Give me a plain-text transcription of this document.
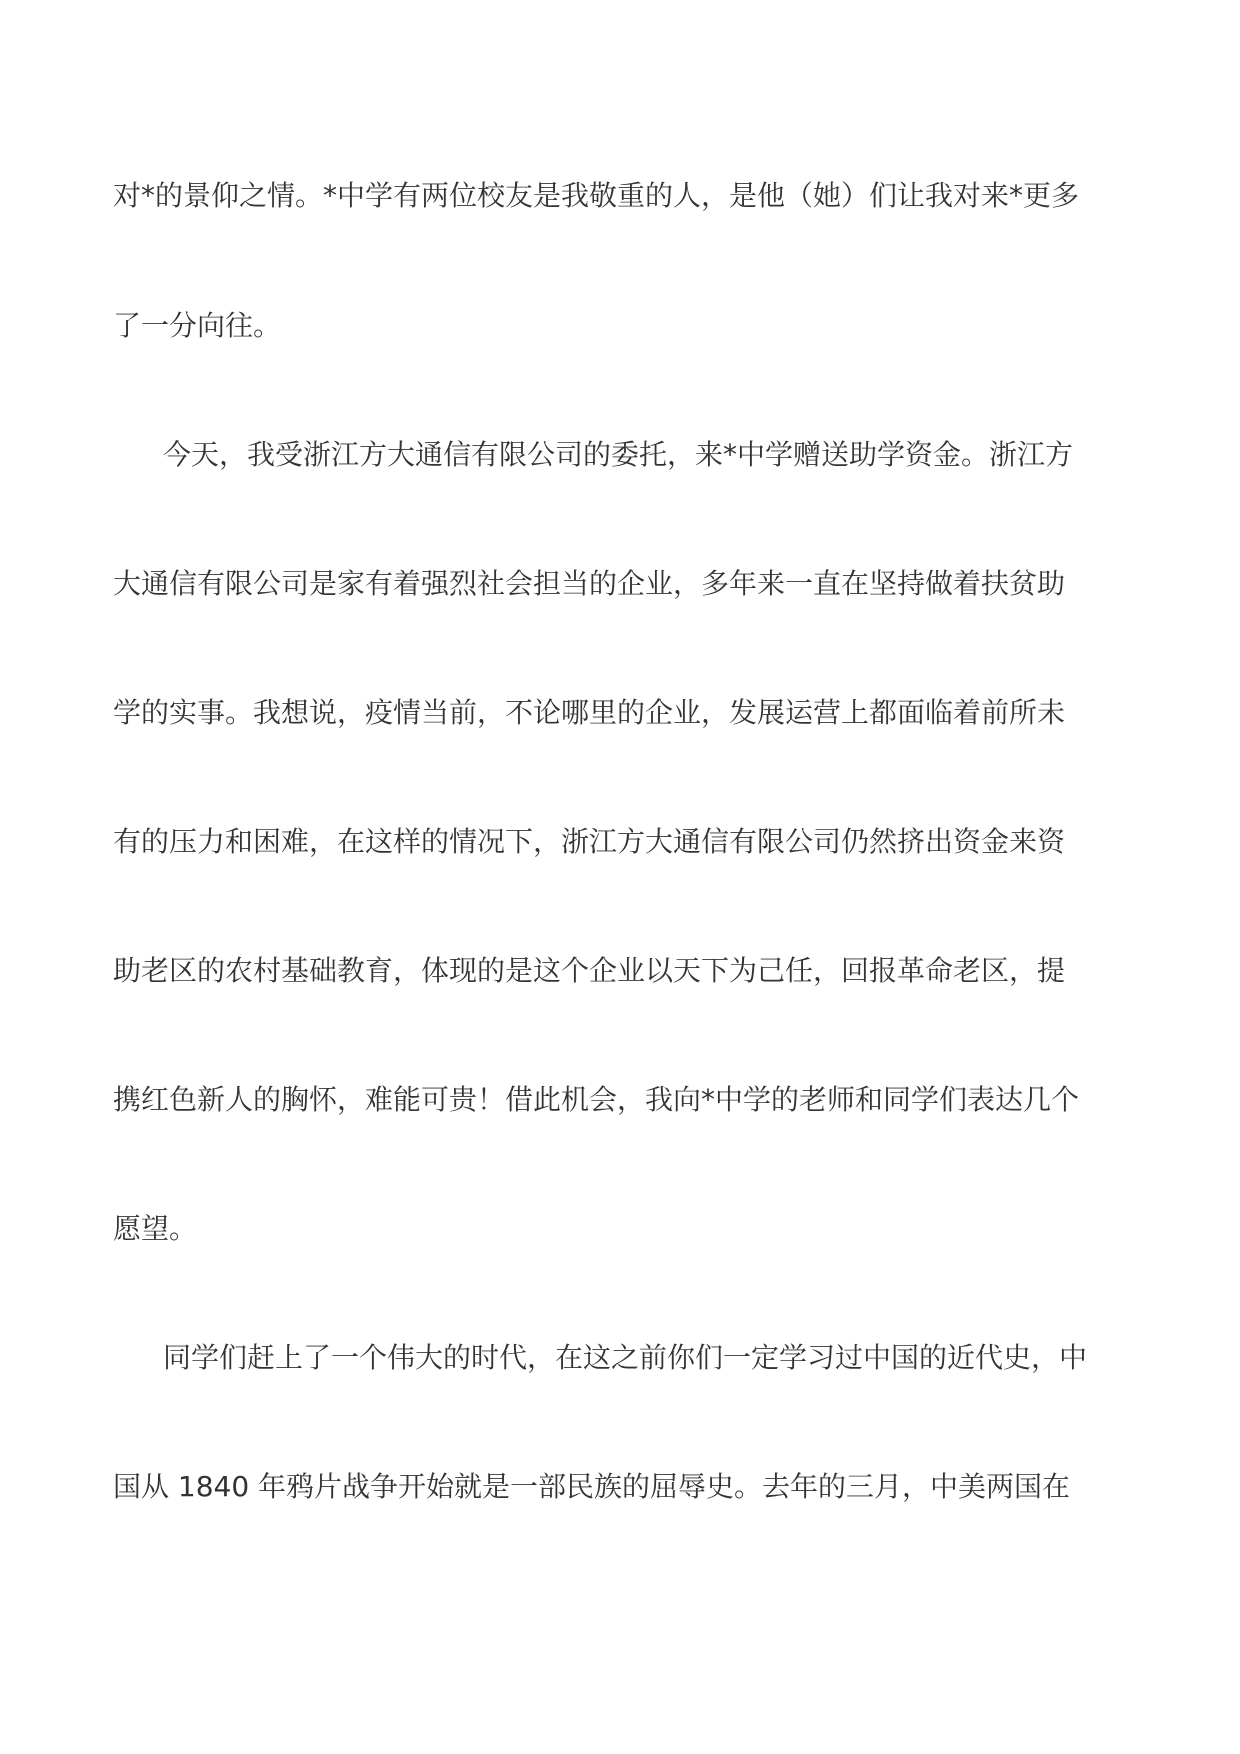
对*的景仰之情。*中学有两位校友是我敬重的人，是他（她）们让我对来*更多
了一分向往。
今天，我受浙江方大通信有限公司的委托，来*中学赠送助学资金。浙江方
大通信有限公司是家有着强烈社会担当的企业，多年来一直在坚持做着扶贫助
学的实事。我想说，疫情当前，不论哪里的企业，发展运营上都面临着前所未
有的压力和困难，在这样的情况下，浙江方大通信有限公司仍然挤出资金来资
助老区的农村基础教育，体现的是这个企业以天下为己任，回报革命老区，提
携红色新人的胸怀，难能可贵！借此机会，我向*中学的老师和同学们表达几个
愿望。
同学们赶上了一个伟大的时代，在这之前你们一定学习过中国的近代史，中
国从 1840 年鸦片战争开始就是一部民族的屈辱史。去年的三月，中美两国在
